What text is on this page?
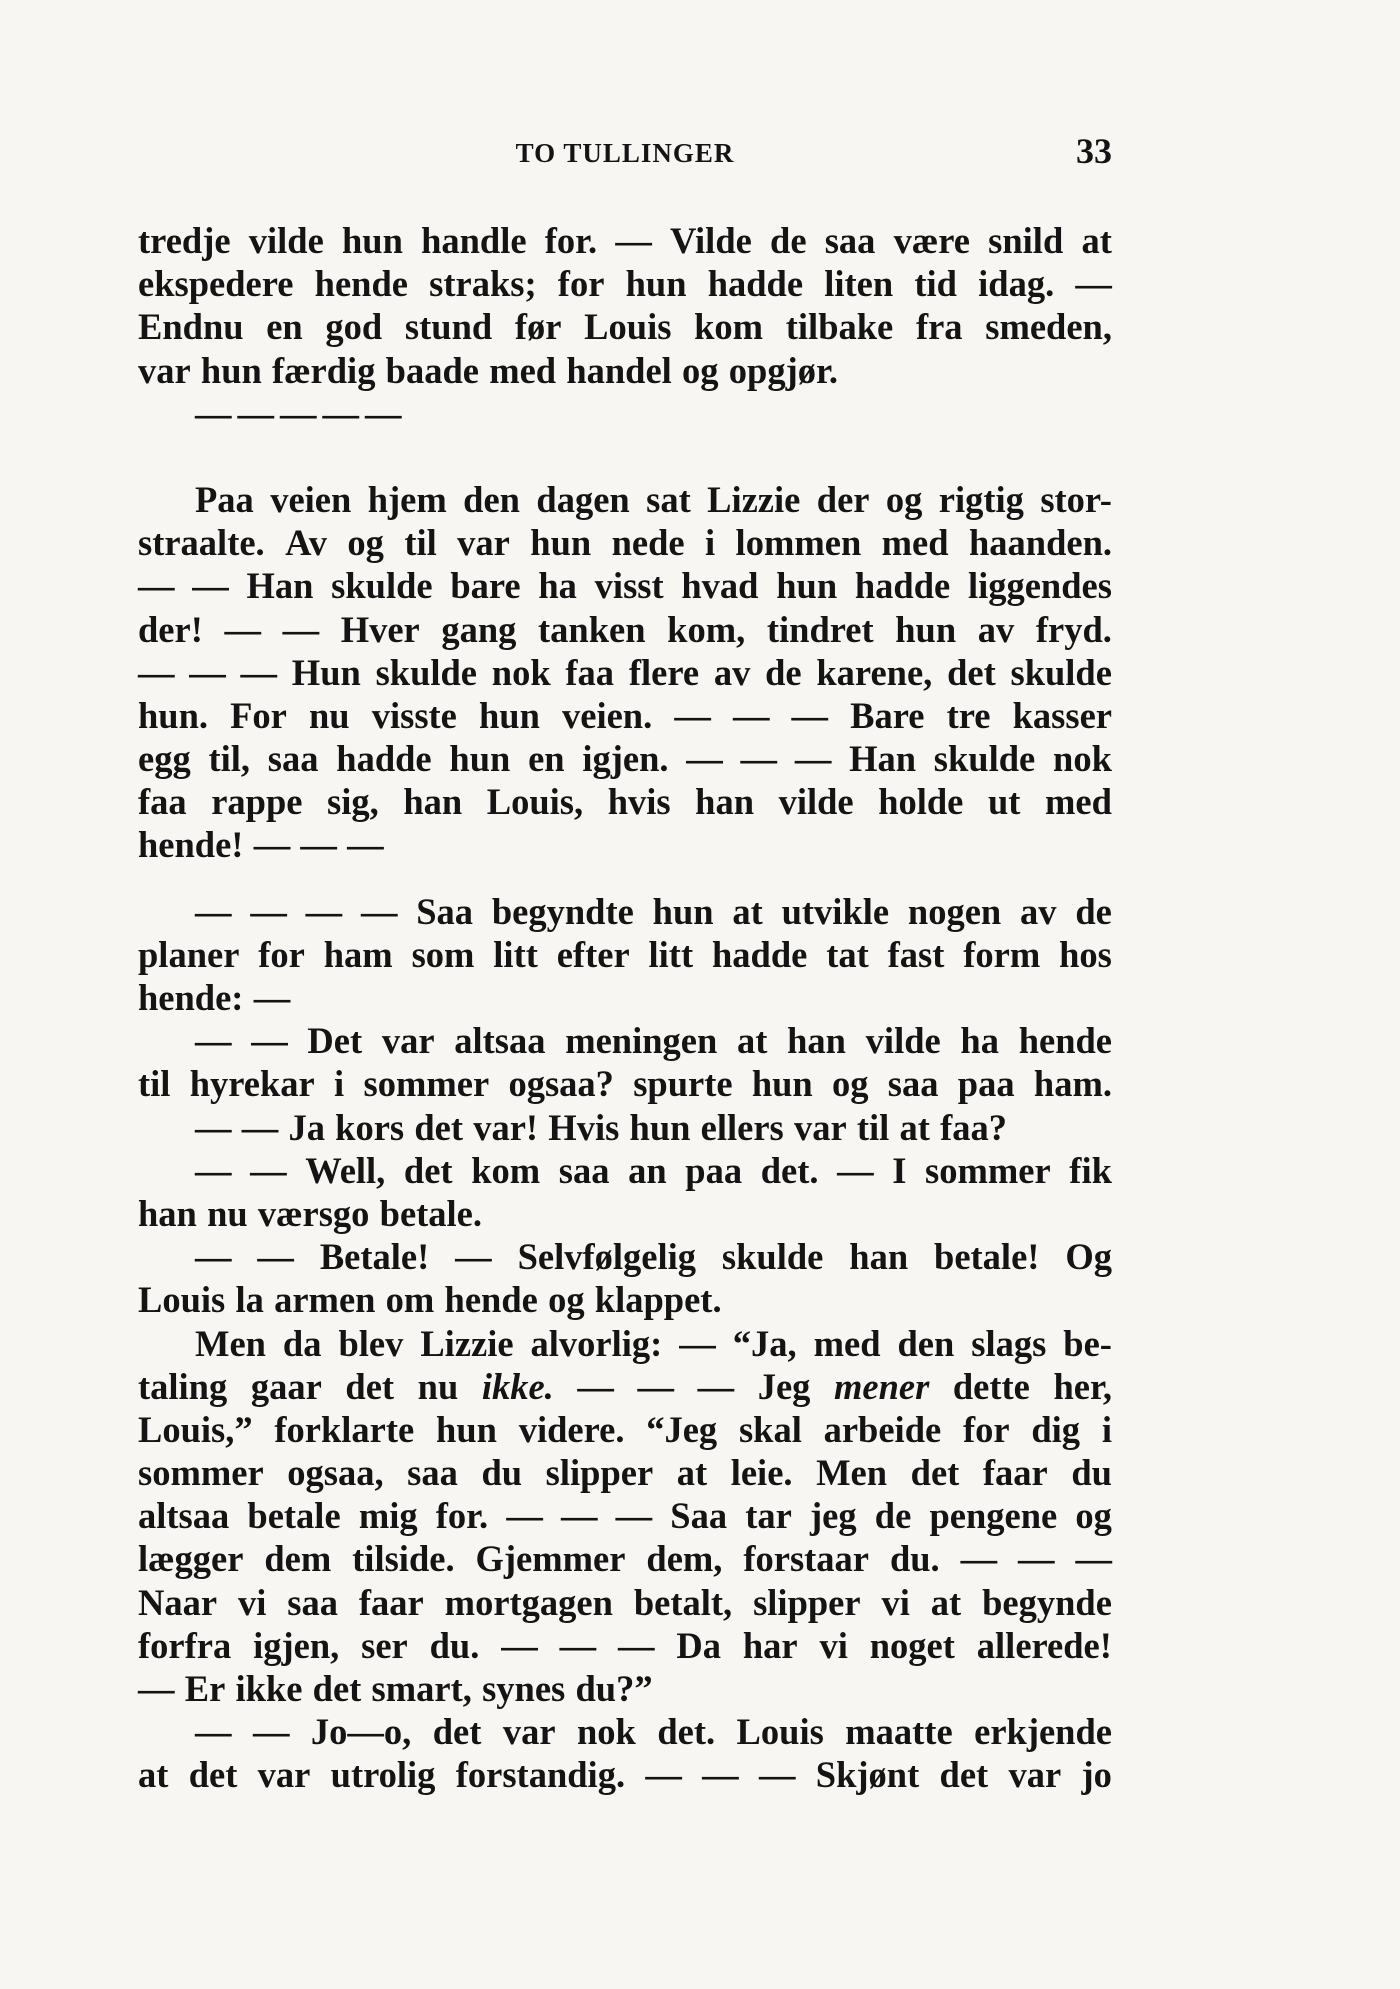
TO TULLINGER	33
tredje vilde hun handle for. — Vilde de saa være snild at
ekspedere hende straks; for hun hadde liten tid idag. —
Endnu en god stund før Louis kom tilbake fra smeden,
var hun færdig baade med handel og opgjør.
— — — — —
Paa veien hjem den dagen sat Lizzie der og rigtig stor-
straalte. Av og til var hun nede i lommen med haanden.
— — Han skulde bare ha visst hvad hun hadde liggendes
der! — — Hver gang tanken kom, tindret hun av fryd.
— — — Hun skulde nok faa flere av de karene, det skulde
hun. For nu visste hun veien. — — — Bare tre kasser
egg til, saa hadde hun en igjen. — — — Han skulde nok
faa rappe sig, han Louis, hvis han vilde holde ut med
hende! — — —
— — — — Saa begyndte hun at utvikle nogen av de
planer for ham som litt efter litt hadde tat fast form hos
hende: —
— — Det var altsaa meningen at han vilde ha hende
til hyrekar i sommer ogsaa? spurte hun og saa paa ham.
— — Ja kors det var! Hvis hun ellers var til at faa?
— — Well, det kom saa an paa det. — I sommer fik
han nu værsgo betale.
— — Betale! — Selvfølgelig skulde han betale! Og
Louis la armen om hende og klappet.
Men da blev Lizzie alvorlig: — “Ja, med den slags be-
taling gaar det nu ikke. — — — Jeg mener dette her,
Louis,” forklarte hun videre. “Jeg skal arbeide for dig i
sommer ogsaa, saa du slipper at leie. Men det faar du
altsaa betale mig for. — — — Saa tar jeg de pengene og
lægger dem tilside. Gjemmer dem, forstaar du. — — —
Naar vi saa faar mortgagen betalt, slipper vi at begynde
forfra igjen, ser du. — — — Da har vi noget allerede!
— Er ikke det smart, synes du?”
— — Jo—o, det var nok det. Louis maatte erkjende
at det var utrolig forstandig. — — — Skjønt det var jo
